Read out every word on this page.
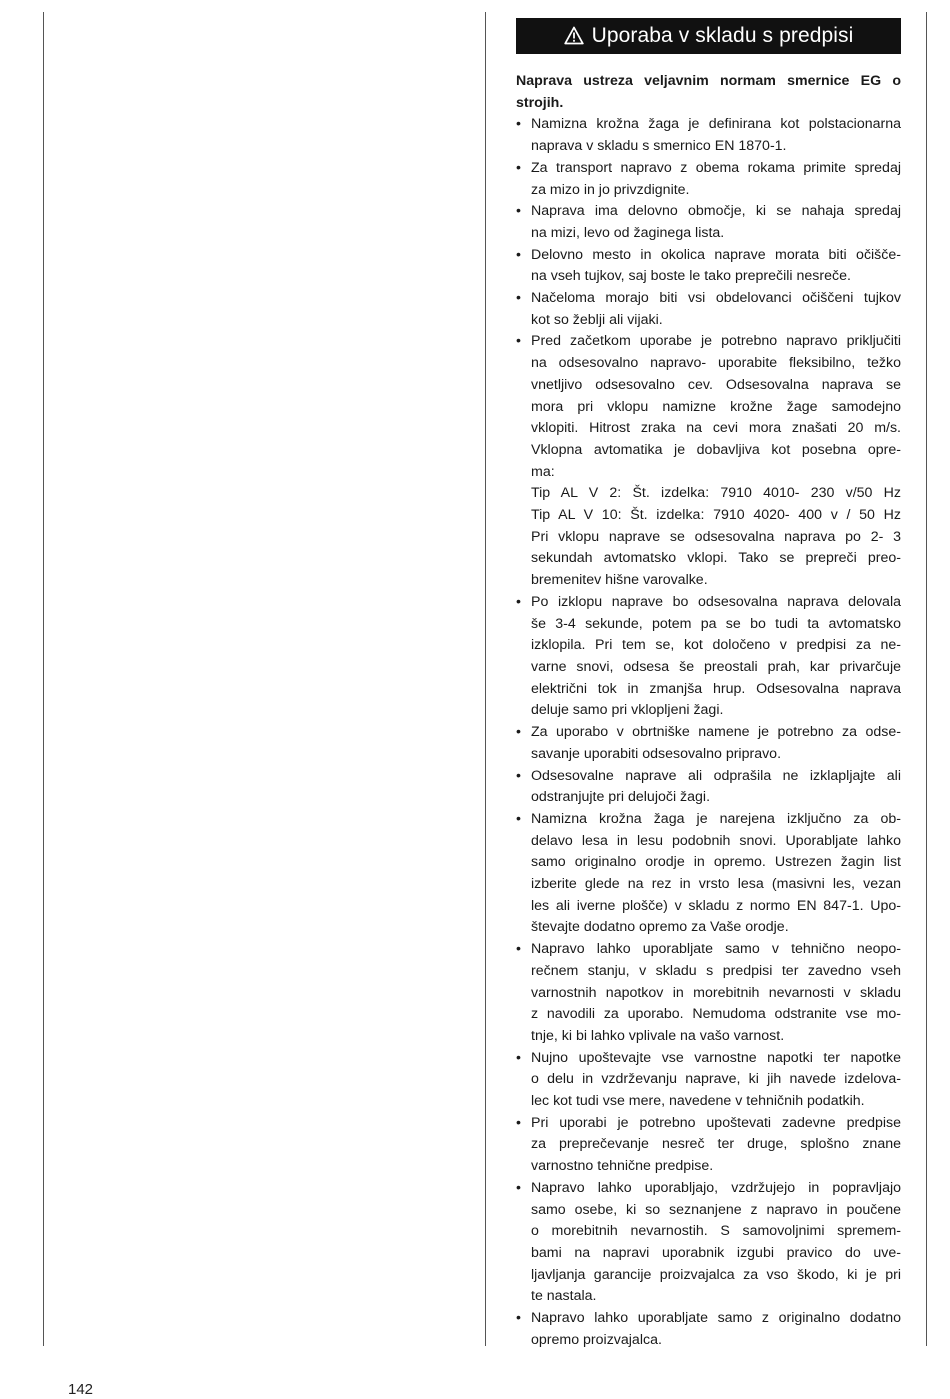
Uporaba v skladu s predpisi
Naprava ustreza veljavnim normam smernice EG o
strojih.
• Namizna krožna žaga je definirana kot polstacionarna
naprava v skladu s smernico EN 1870-1.
• Za transport napravo z obema rokama primite spredaj
za mizo in jo privzdignite.
• Naprava ima delovno območje, ki se nahaja spredaj
na mizi, levo od žaginega lista.
• Delovno mesto in okolica naprave morata biti očišče-
na vseh tujkov, saj boste le tako preprečili nesreče.
• Načeloma morajo biti vsi obdelovanci očiščeni tujkov
kot so žeblji ali vijaki.
• Pred začetkom uporabe je potrebno napravo priključiti
na odsesovalno napravo- uporabite fleksibilno, težko
vnetljivo odsesovalno cev. Odsesovalna naprava se
mora pri vklopu namizne krožne žage samodejno
vklopiti. Hitrost zraka na cevi mora znašati 20 m/s.
Vklopna avtomatika je dobavljiva kot posebna opre-
ma:
Tip AL V 2: Št. izdelka: 7910 4010- 230 v/50 Hz
Tip AL V 10: Št. izdelka: 7910 4020- 400 v / 50 Hz
Pri vklopu naprave se odsesovalna naprava po 2- 3
sekundah avtomatsko vklopi. Tako se prepreči preo-
bremenitev hišne varovalke.
• Po izklopu naprave bo odsesovalna naprava delovala
še 3-4 sekunde, potem pa se bo tudi ta avtomatsko
izklopila. Pri tem se, kot določeno v predpisi za ne-
varne snovi, odsesa še preostali prah, kar privarčuje
električni tok in zmanjša hrup. Odsesovalna naprava
deluje samo pri vklopljeni žagi.
• Za uporabo v obrtniške namene je potrebno za odse-
savanje uporabiti odsesovalno pripravo.
• Odsesovalne naprave ali odprašila ne izklapljajte ali
odstranjujte pri delujoči žagi.
• Namizna krožna žaga je narejena izključno za ob-
delavo lesa in lesu podobnih snovi. Uporabljate lahko
samo originalno orodje in opremo. Ustrezen žagin list
izberite glede na rez in vrsto lesa (masivni les, vezan
les ali iverne plošče) v skladu z normo EN 847-1. Upo-
števajte dodatno opremo za Vaše orodje.
• Napravo lahko uporabljate samo v tehnično neopo-
rečnem stanju, v skladu s predpisi ter zavedno vseh
varnostnih napotkov in morebitnih nevarnosti v skladu
z navodili za uporabo. Nemudoma odstranite vse mo-
tnje, ki bi lahko vplivale na vašo varnost.
• Nujno upoštevajte vse varnostne napotki ter napotke
o delu in vzdrževanju naprave, ki jih navede izdelova-
lec kot tudi vse mere, navedene v tehničnih podatkih.
• Pri uporabi je potrebno upoštevati zadevne predpise
za preprečevanje nesreč ter druge, splošno znane
varnostno tehnične predpise.
• Napravo lahko uporabljajo, vzdržujejo in popravljajo
samo osebe, ki so seznanjene z napravo in poučene
o morebitnih nevarnostih. S samovoljnimi spremem-
bami na napravi uporabnik izgubi pravico do uve-
ljavljanja garancije proizvajalca za vso škodo, ki je pri
te nastala.
• Napravo lahko uporabljate samo z originalno dodatno
opremo proizvajalca.
142
